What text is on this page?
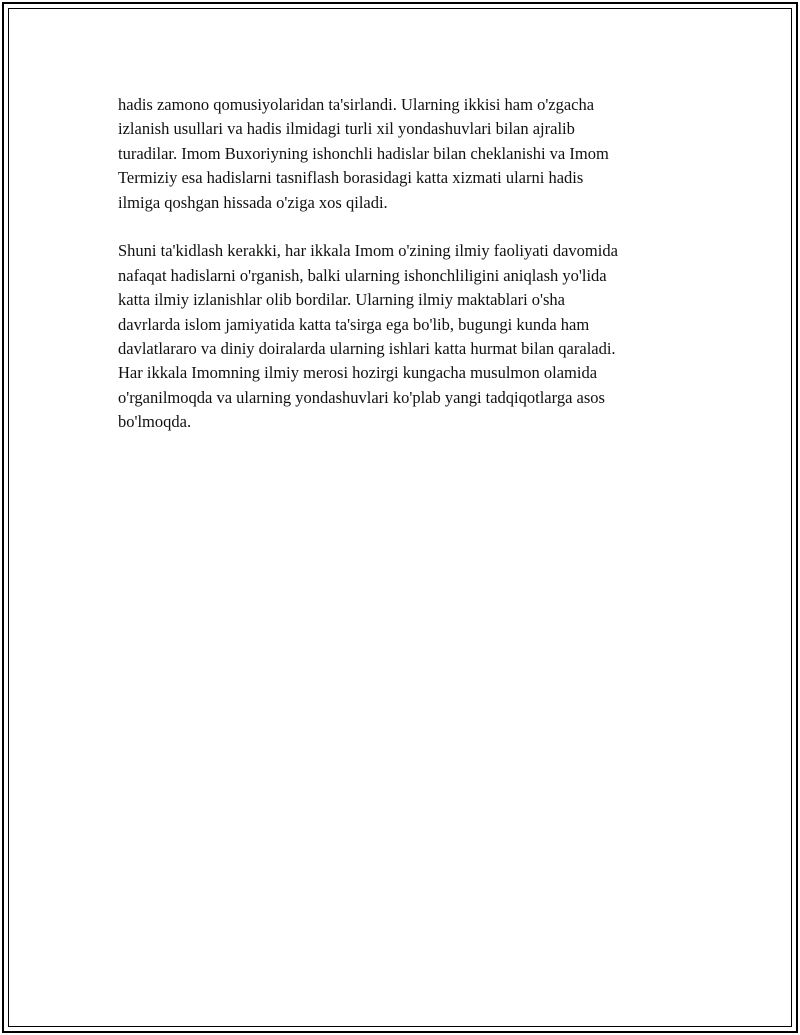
hadis zamono qomusiyolaridan ta'sirlandi. Ularning ikkisi ham o'zgacha
izlanish usullari va hadis ilmidagi turli xil yondashuvlari bilan ajralib
turadilar. Imom Buxoriyning ishonchli hadislar bilan cheklanishi va Imom
Termiziy esa hadislarni tasniflash borasidagi katta xizmati ularni hadis
ilmiga qoshgan hissada o'ziga xos qiladi.

Shuni ta'kidlash kerakki, har ikkala Imom o'zining ilmiy faoliyati davomida
nafaqat hadislarni o'rganish, balki ularning ishonchliligini aniqlash yo'lida
katta ilmiy izlanishlar olib bordilar. Ularning ilmiy maktablari o'sha
davrlarda islom jamiyatida katta ta'sirga ega bo'lib, bugungi kunda ham
davlatlararo va diniy doiralarda ularning ishlari katta hurmat bilan qaraladi.
Har ikkala Imomning ilmiy merosi hozirgi kungacha musulmon olamida
o'rganilmoqda va ularning yondashuvlari ko'plab yangi tadqiqotlarga asos
bo'lmoqda.
